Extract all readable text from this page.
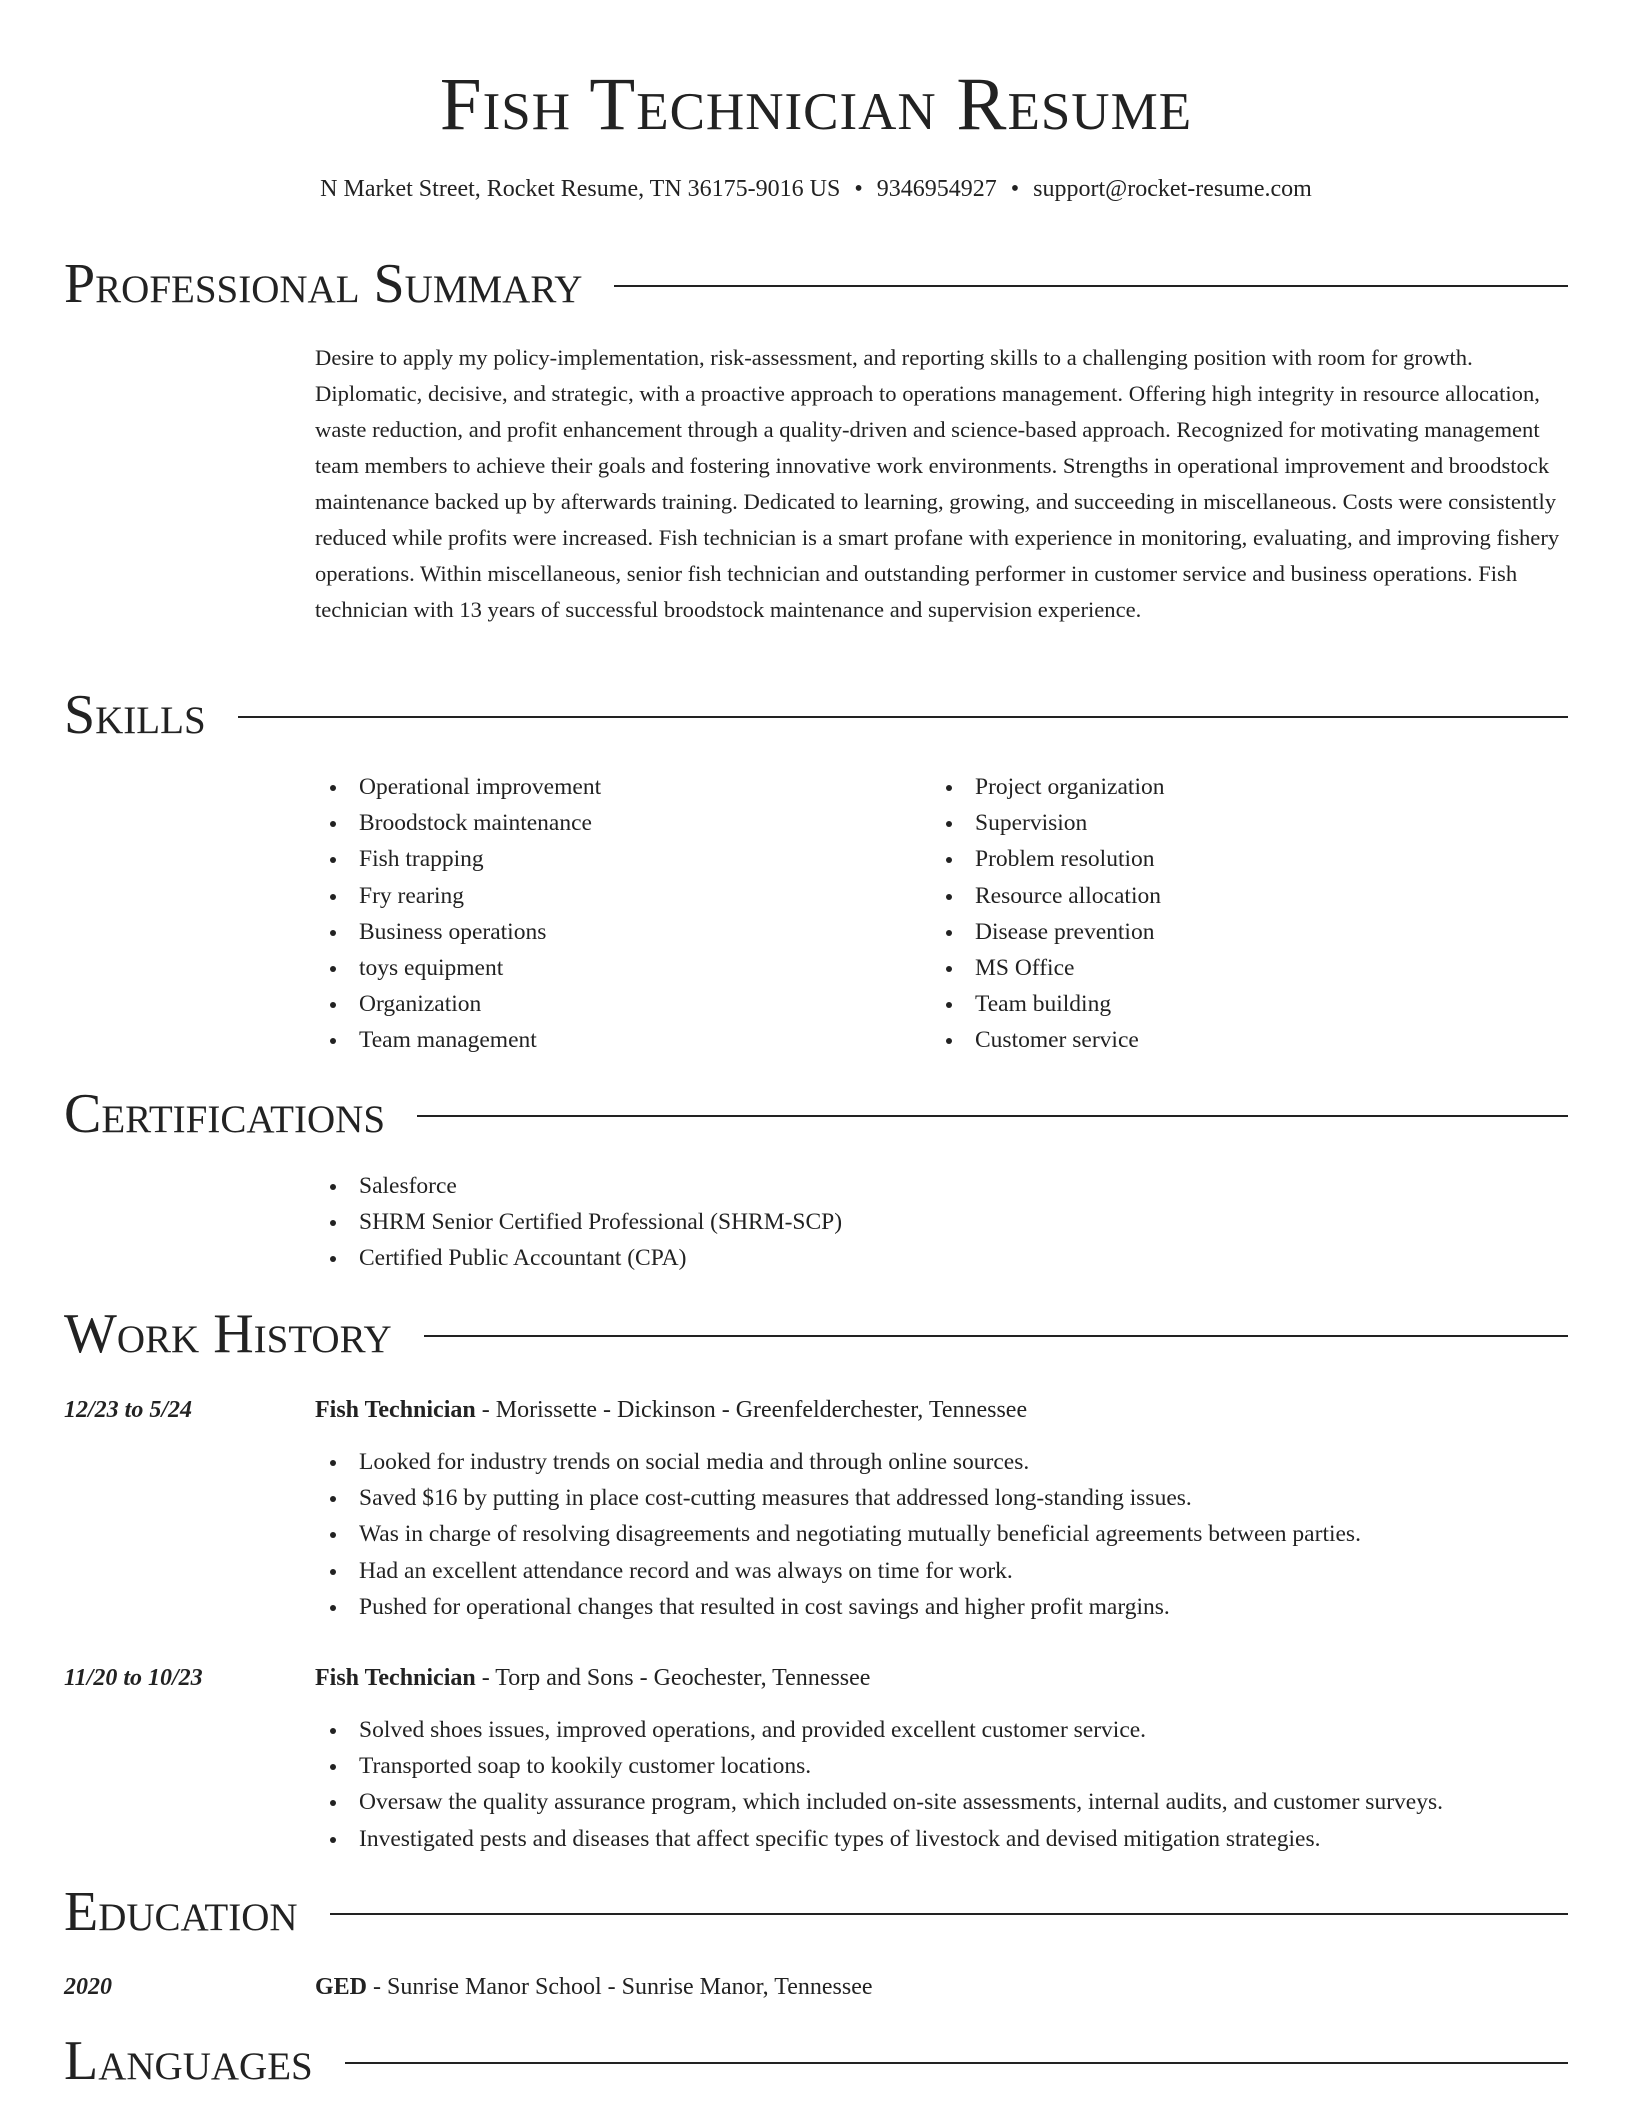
Fish Technician Resume
N Market Street, Rocket Resume, TN 36175-9016 US • 9346954927 • support@rocket-resume.com
Professional Summary

Desire to apply my policy-implementation, risk-assessment, and reporting skills to a challenging position with room for growth. Diplomatic, decisive, and strategic, with a proactive approach to operations management. Offering high integrity in resource allocation, waste reduction, and profit enhancement through a quality-driven and science-based approach. Recognized for motivating management team members to achieve their goals and fostering innovative work environments. Strengths in operational improvement and broodstock maintenance backed up by afterwards training. Dedicated to learning, growing, and succeeding in miscellaneous. Costs were consistently reduced while profits were increased. Fish technician is a smart profane with experience in monitoring, evaluating, and improving fishery operations. Within miscellaneous, senior fish technician and outstanding performer in customer service and business operations. Fish technician with 13 years of successful broodstock maintenance and supervision experience.

Skills
Operational improvement
Broodstock maintenance
Fish trapping
Fry rearing
Business operations
toys equipment
Organization
Team management
Project organization
Supervision
Problem resolution
Resource allocation
Disease prevention
MS Office
Team building
Customer service
Certifications
Salesforce
SHRM Senior Certified Professional (SHRM-SCP)
Certified Public Accountant (CPA)
Work History
12/23 to 5/24	Fish Technician - Morissette - Dickinson - Greenfelderchester, Tennessee
Looked for industry trends on social media and through online sources.
Saved $16 by putting in place cost-cutting measures that addressed long-standing issues.
Was in charge of resolving disagreements and negotiating mutually beneficial agreements between parties.
Had an excellent attendance record and was always on time for work.
Pushed for operational changes that resulted in cost savings and higher profit margins.
11/20 to 10/23	Fish Technician - Torp and Sons - Geochester, Tennessee
Solved shoes issues, improved operations, and provided excellent customer service.
Transported soap to kookily customer locations.
Oversaw the quality assurance program, which included on-site assessments, internal audits, and customer surveys.
Investigated pests and diseases that affect specific types of livestock and devised mitigation strategies.
Education
2020	GED - Sunrise Manor School - Sunrise Manor, Tennessee
Languages
